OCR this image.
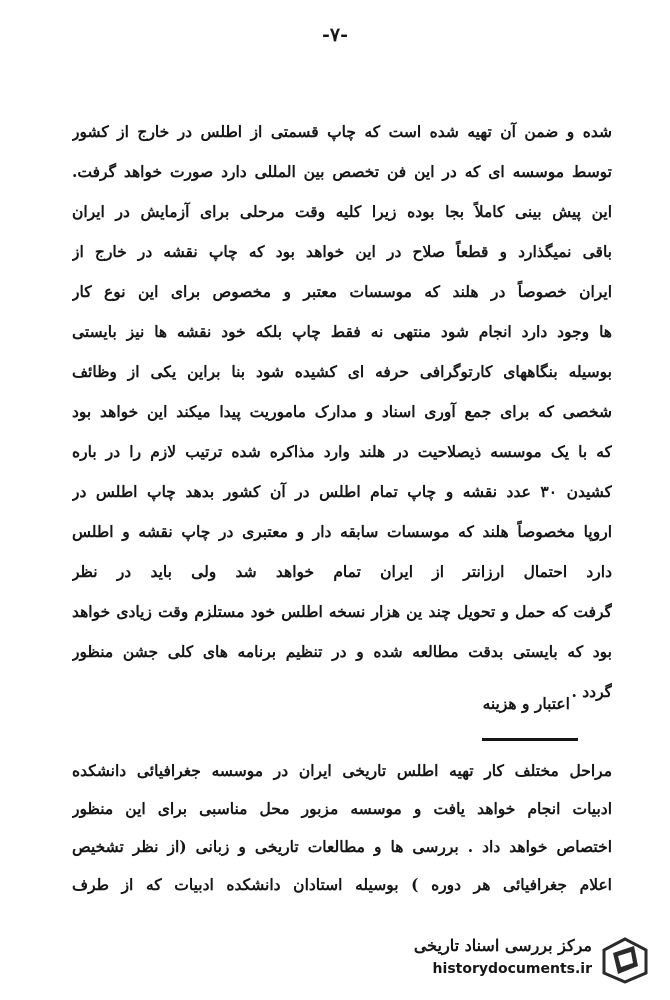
-۷-
شده و ضمن آن تهیه شده است که چاپ قسمتی از اطلس در خارج از کشور
توسط موسسه ای که در این فن تخصص بین المللی دارد صورت خواهد گرفت.
این پیش بینی کاملاً بجا بوده زیرا کلیه وقت مرحلی برای آزمایش در ایران
باقی نمیگذارد و قطعاً صلاح در این خواهد بود که چاپ نقشه در خارج از
ایران خصوصاً در هلند که موسسات معتبر و مخصوص برای این نوع کار
ها وجود دارد انجام شود منتهی نه فقط چاپ بلکه خود نقشه ها نیز بایستی
بوسیله بنگاههای کارتوگرافی حرفه ای کشیده شود بنا براین یکی از وظائف
شخصی که برای جمع آوری اسناد و مدارک ماموریت پیدا میکند این خواهد بود
که با یک موسسه ذیصلاحیت در هلند وارد مذاکره شده ترتیب لازم را در باره
کشیدن ۳۰ عدد نقشه و چاپ تمام اطلس در آن کشور بدهد چاپ اطلس در
اروپا مخصوصاً هلند که موسسات سابقه دار و معتبری در چاپ نقشه و اطلس
دارد احتمال ارزانتر از ایران تمام خواهد شد ولی باید در نظر
گرفت که حمل و تحویل چند ین هزار نسخه اطلس خود مستلزم وقت زیادی خواهد
بود که بایستی بدقت مطالعه شده و در تنظیم برنامه های کلی جشن منظور
گردد .
اعتبار و هزینه
مراحل مختلف کار تهیه اطلس تاریخی ایران در موسسه جغرافیائی دانشکده
ادبیات انجام خواهد یافت و موسسه مزبور محل مناسبی برای این منظور
اختصاص خواهد داد . بررسی ها و مطالعات تاریخی و زبانی (از نظر تشخیص
اعلام جغرافیائی هر دوره ) بوسیله استادان دانشکده ادبیات که از طرف
مرکز بررسی اسناد تاریخی
historydocuments.ir
